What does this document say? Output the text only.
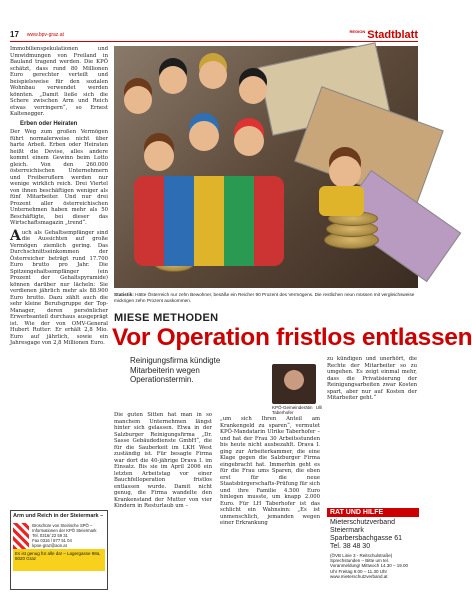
17 www.bpv-graz.at
$^{REGION}$ Stadtblatt

Immobilienspekulationen und Umwidmungen von Freiland in Bauland tragend werden. Die KPÖ schätzt, dass rund 80 Millionen Euro gerechter verteilt und beispielsweise für den sozialen Wohnbau verwendet werden könnten. „Damit ließe sich die Schere zwischen Arm und Reich etwas verringern“, so Ernest Kaltenegger.

Erben oder Heiraten

Der Weg zum großen Vermögen führt normalerweise nicht über harte Arbeit. Erben oder Heiraten heißt die Devise, alles andere kommt einem Gewinn beim Lotto gleich. Von den 260.000 österreichischen Unternehmern und Freiberuflern werden nur wenige wirklich reich. Drei Viertel von ihnen beschäftigen weniger als fünf Mitarbeiter. Und nur drei Prozent aller österreichischen Unternehmen haben mehr als 50 Beschäftigte, bei dieser das Wirtschaftsmagazin „trend“.

Auch als Gehaltsempfänger sind die Aussichten auf große Vermögen ziemlich gering. Das Durchschnittseinkommen der Österreicher beträgt rund 17.700 Euro brutto pro Jahr. Die Spitzengehaltsempfänger (ein Prozent der Gehaltspyramide) können darüber nur lächeln: Sie verdienen jährlich mehr als 88.900 Euro brutto. Dazu zählt auch die sehr kleine Berufsgruppe der Top-Manager, deren persönlicher Erwerbsanteil durchaus ausgeprägt ist. Wie der von OMV-General Hubert Rutter: Er erhält 2,8 Mio. Euro auf jährlich, sowie ein Jahresgage von 2,8 Millionen Euro.

Statistik: Hätte Österreich nur zehn Bewohner, besäße ein Reicher 90 Prozent des Vermögens. Die restlichen neun müssen mit vergleichsweise mickrigen zehn Prozent auskommen.
MIESE METHODEN
Vor Operation fristlos entlassen
Reinigungsfirma kündigte Mitarbeiterin wegen Operationstermin.
Die guten Sitten hat man in so manchem Unternehmen längst hinter sich gelassen. Etwa in der Salzburger Reinigungsfirma „Dr. Sasse Gebäudedienste GmbH“, die für die Sauberkeit im LKH West zuständig ist. Für besagte Firma war dort die 40-jährige Drava I. im Einsatz. Bis sie im April 2006 ein letzten Arbeitstag vor einer Bauchfelloperation fristlos entlassen wurde. Damit nicht genug, die Firma wandelte den Krankenstand der Mutter von vier Kindern in Resturlaub um –
KPÖ-Gemeinderätin Ulli Taberhofer
„um sich Ihren Anteil am Krankengeld zu sparen“, vermutet KPÖ-Mandatarin Ulrike Taberhofer – und hat der Frau 30 Arbeitsstunden bis heute nicht ausbezahlt. Drava I. ging zur Arbeiterkammer, die eine Klage gegen die Salzburger Firma eingebracht hat. Immerhin geht es für die Frau ums Sparen, die eben erst für die neue Staatsbürgerschafts-Prüfung für sich und ihre Familie 4.500 Euro hinlegen musste, um knapp 2.000 Euro. Für LH Taberhofer ist das schlicht ein Wahnsinn: „Es ist unmenschlich, jemanden wegen einer Erkrankung
zu kündigen und unerhört, die Rechte der Mitarbeiter so zu umgehen. Es zeigt einmal mehr, dass die Privatisierung der Reinigungsarbeiten zwar Kosten spart, aber nur auf Kosten der Mitarbeiter geht.“
Arm und Reich in der Steiermark –
Broschüre von Steirische SPÖ – Informationen der KPÖ Steiermark
Tel. 0316/ 22 59 31
Fax 0316 / 877 51 04
kpoe-graz@aon.at
Es ist genug für alle da! – Lagergasse 98a, 8020 Graz
RAT UND HILFE
Mieterschutzverband Steiermark
Sparbersbachgasse 61
Tel. 38 48 30
(ÖVB Linie 3 - Reitschulstraße) Sprechstunden – Bitte um tel. Voranmeldung! Mittwoch 14.30 – 19.00 Uhr Freitag 9.00 – 11.30 Uhr
www.mieterschutzverband.at
